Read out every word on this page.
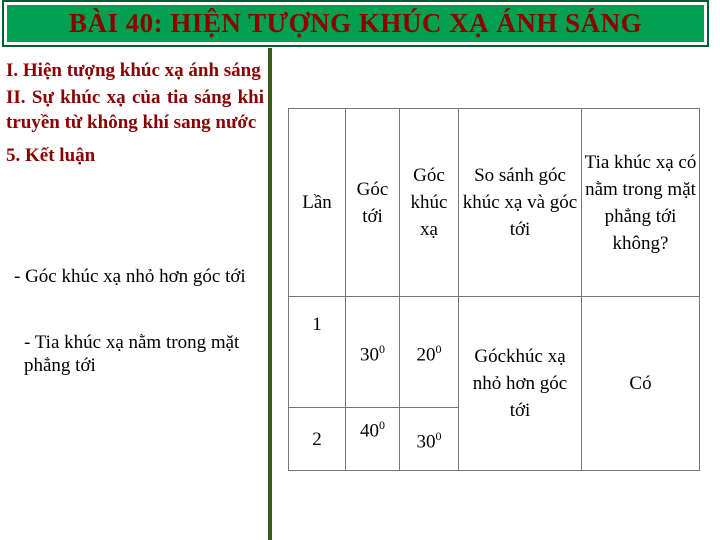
BÀI 40: HIỆN TƯỢNG KHÚC XẠ ÁNH SÁNG

I. Hiện tượng khúc xạ ánh sáng

II. Sự khúc xạ của tia sáng khi truyền từ không khí sang nước

5. Kết luận

- Góc khúc xạ nhỏ hơn góc tới

- Tia khúc xạ nằm trong mặt phẳng tới

Lần	Góc tới	Góc khúc xạ	So sánh góc khúc xạ và góc tới	Tia khúc xạ có nằm trong mặt phẳng tới không?
1	$30^0$	$20^0$	Góckhúc xạ nhỏ hơn góc tới	Có
2	$40^0$	$30^0$
